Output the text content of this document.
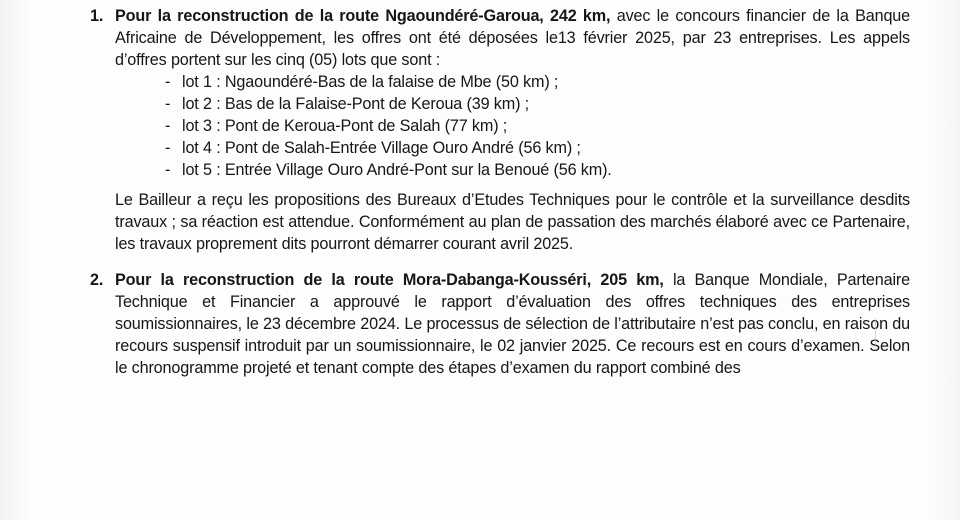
1. Pour la reconstruction de la route Ngaoundéré-Garoua, 242 km, avec le concours financier de la Banque Africaine de Développement, les offres ont été déposées le13 février 2025, par 23 entreprises. Les appels d’offres portent sur les cinq (05) lots que sont :

- lot 1 : Ngaoundéré-Bas de la falaise de Mbe (50 km) ;
- lot 2 : Bas de la Falaise-Pont de Keroua (39 km) ;
- lot 3 : Pont de Keroua-Pont de Salah (77 km) ;
- lot 4 : Pont de Salah-Entrée Village Ouro André (56 km) ;
- lot 5 : Entrée Village Ouro André-Pont sur la Benoué (56 km).

Le Bailleur a reçu les propositions des Bureaux d’Etudes Techniques pour le contrôle et la surveillance desdits travaux ; sa réaction est attendue. Conformément au plan de passation des marchés élaboré avec ce Partenaire, les travaux proprement dits pourront démarrer courant avril 2025.

2. Pour la reconstruction de la route Mora-Dabanga-Kousséri, 205 km, la Banque Mondiale, Partenaire Technique et Financier a approuvé le rapport d’évaluation des offres techniques des entreprises soumissionnaires, le 23 décembre 2024. Le processus de sélection de l’attributaire n’est pas conclu, en raison du recours suspensif introduit par un soumissionnaire, le 02 janvier 2025. Ce recours est en cours d’examen. Selon le chronogramme projeté et tenant compte des étapes d’examen du rapport combiné des
